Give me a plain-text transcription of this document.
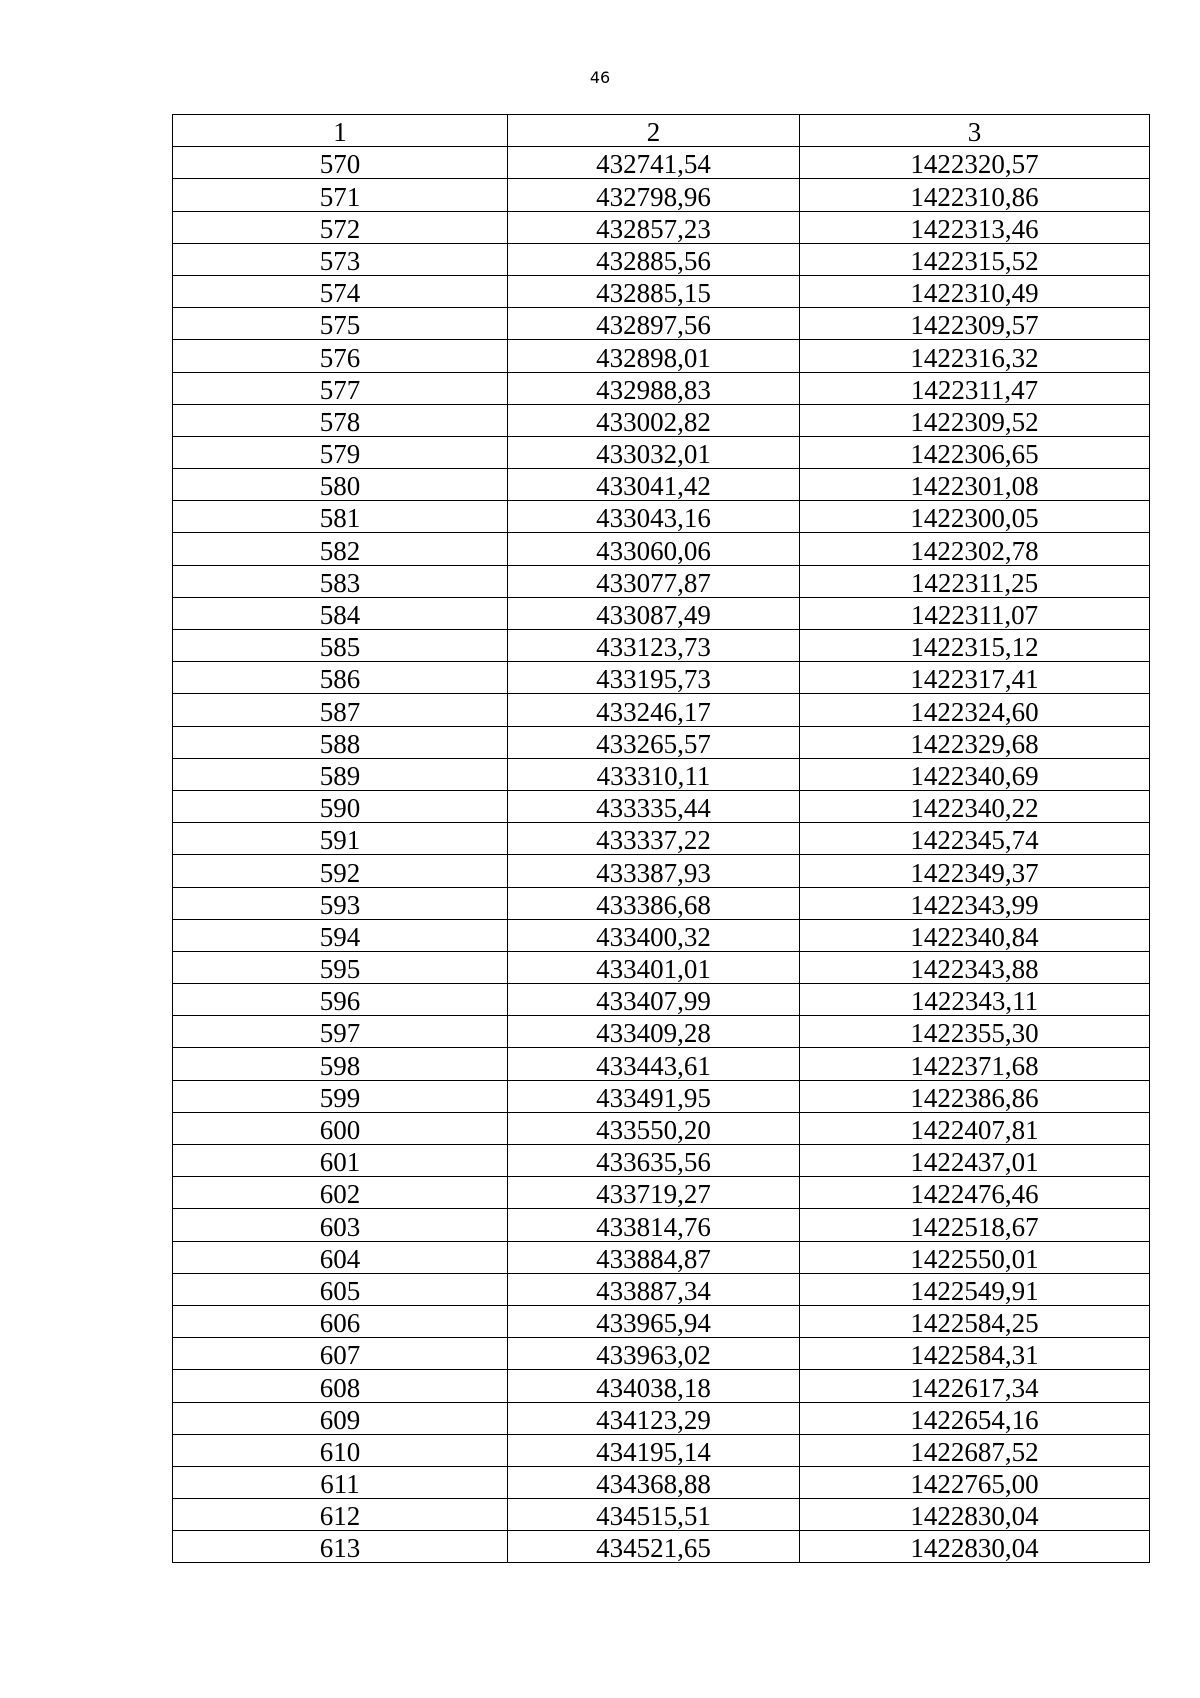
46
1	2	3
570	432741,54	1422320,57
571	432798,96	1422310,86
572	432857,23	1422313,46
573	432885,56	1422315,52
574	432885,15	1422310,49
575	432897,56	1422309,57
576	432898,01	1422316,32
577	432988,83	1422311,47
578	433002,82	1422309,52
579	433032,01	1422306,65
580	433041,42	1422301,08
581	433043,16	1422300,05
582	433060,06	1422302,78
583	433077,87	1422311,25
584	433087,49	1422311,07
585	433123,73	1422315,12
586	433195,73	1422317,41
587	433246,17	1422324,60
588	433265,57	1422329,68
589	433310,11	1422340,69
590	433335,44	1422340,22
591	433337,22	1422345,74
592	433387,93	1422349,37
593	433386,68	1422343,99
594	433400,32	1422340,84
595	433401,01	1422343,88
596	433407,99	1422343,11
597	433409,28	1422355,30
598	433443,61	1422371,68
599	433491,95	1422386,86
600	433550,20	1422407,81
601	433635,56	1422437,01
602	433719,27	1422476,46
603	433814,76	1422518,67
604	433884,87	1422550,01
605	433887,34	1422549,91
606	433965,94	1422584,25
607	433963,02	1422584,31
608	434038,18	1422617,34
609	434123,29	1422654,16
610	434195,14	1422687,52
611	434368,88	1422765,00
612	434515,51	1422830,04
613	434521,65	1422830,04
